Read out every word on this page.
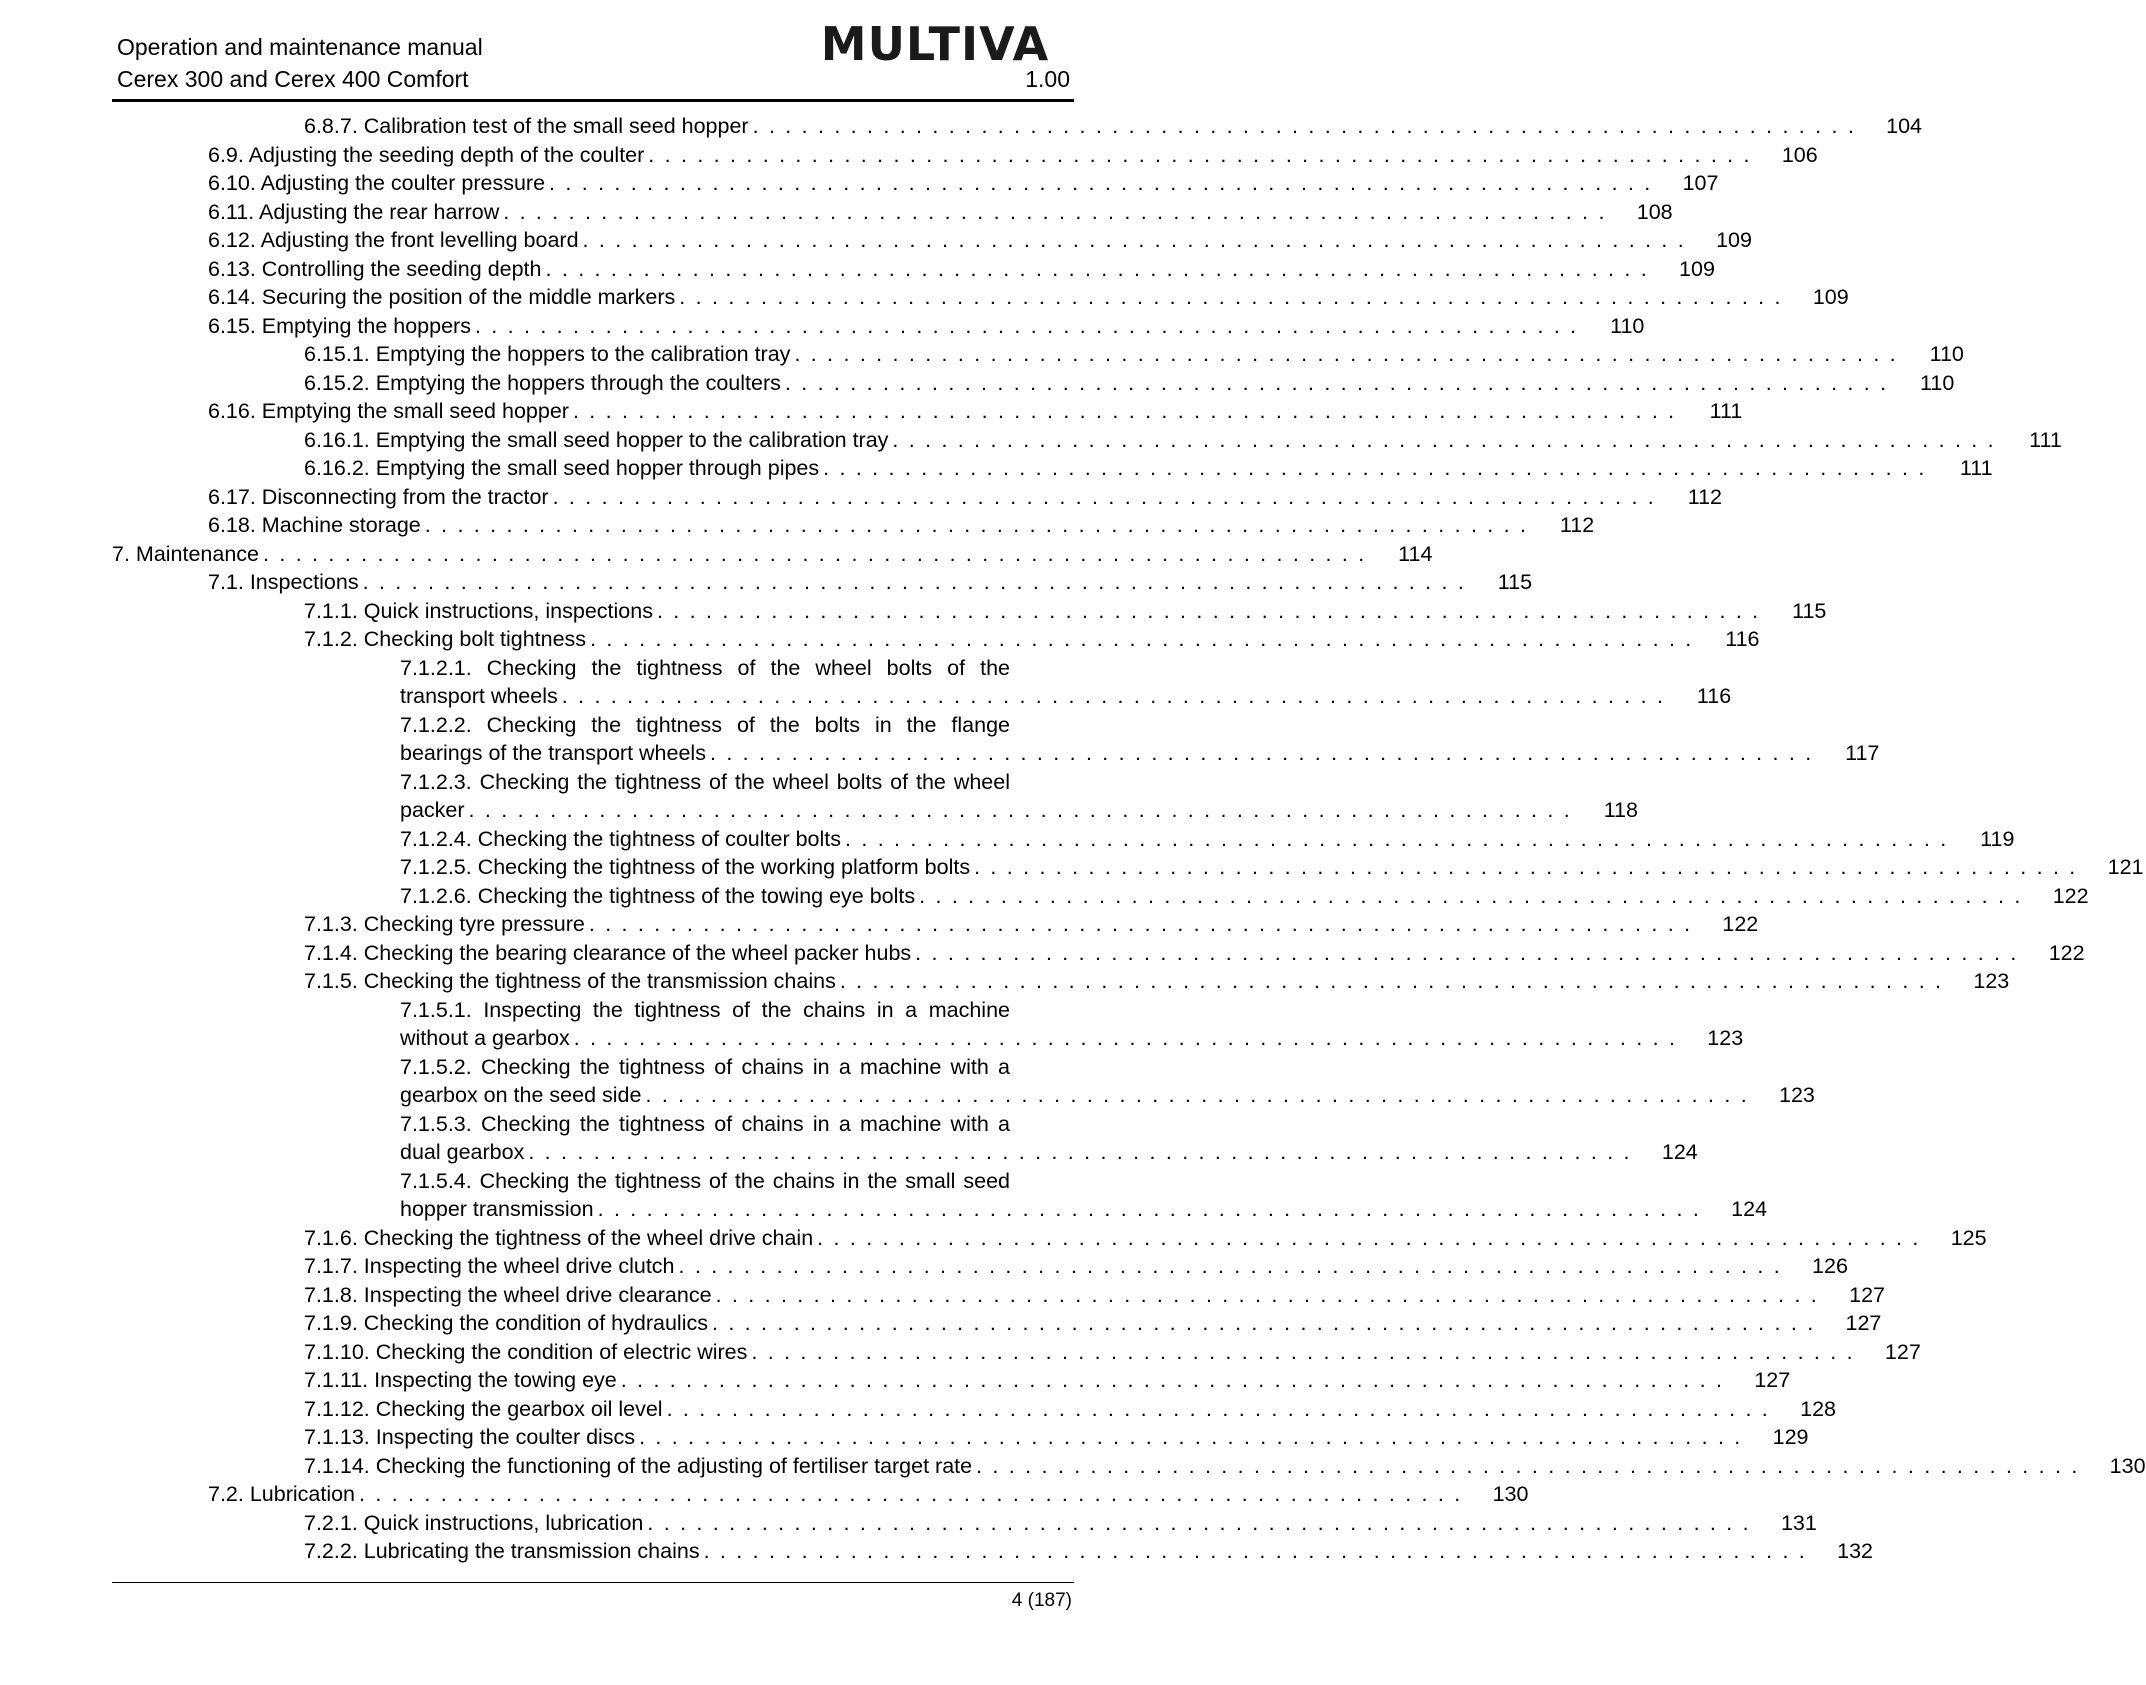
Operation and maintenance manual
Cerex 300 and Cerex 400 Comfort
MULTIVA
1.00
6.8.7. Calibration test of the small seed hopper . . . . . . . . . . . . . . . . . . . . . . . . . . . . . . . . . . . . . . . . . . . . . . . . . . . . . . . . . . . . . . . . . . . .	104
6.9. Adjusting the seeding depth of the coulter . . . . . . . . . . . . . . . . . . . . . . . . . . . . . . . . . . . . . . . . . . . . . . . . . . . . . . . . . . . . . . . . . . . .	106
6.10. Adjusting the coulter pressure . . . . . . . . . . . . . . . . . . . . . . . . . . . . . . . . . . . . . . . . . . . . . . . . . . . . . . . . . . . . . . . . . . . .	107
6.11. Adjusting the rear harrow . . . . . . . . . . . . . . . . . . . . . . . . . . . . . . . . . . . . . . . . . . . . . . . . . . . . . . . . . . . . . . . . . . . .	108
6.12. Adjusting the front levelling board . . . . . . . . . . . . . . . . . . . . . . . . . . . . . . . . . . . . . . . . . . . . . . . . . . . . . . . . . . . . . . . . . . . .	109
6.13. Controlling the seeding depth . . . . . . . . . . . . . . . . . . . . . . . . . . . . . . . . . . . . . . . . . . . . . . . . . . . . . . . . . . . . . . . . . . . .	109
6.14. Securing the position of the middle markers . . . . . . . . . . . . . . . . . . . . . . . . . . . . . . . . . . . . . . . . . . . . . . . . . . . . . . . . . . . . . . . . . . . .	109
6.15. Emptying the hoppers . . . . . . . . . . . . . . . . . . . . . . . . . . . . . . . . . . . . . . . . . . . . . . . . . . . . . . . . . . . . . . . . . . . .	110
6.15.1. Emptying the hoppers to the calibration tray . . . . . . . . . . . . . . . . . . . . . . . . . . . . . . . . . . . . . . . . . . . . . . . . . . . . . . . . . . . . . . . . . . . .	110
6.15.2. Emptying the hoppers through the coulters . . . . . . . . . . . . . . . . . . . . . . . . . . . . . . . . . . . . . . . . . . . . . . . . . . . . . . . . . . . . . . . . . . . .	110
6.16. Emptying the small seed hopper . . . . . . . . . . . . . . . . . . . . . . . . . . . . . . . . . . . . . . . . . . . . . . . . . . . . . . . . . . . . . . . . . . . .	111
6.16.1. Emptying the small seed hopper to the calibration tray . . . . . . . . . . . . . . . . . . . . . . . . . . . . . . . . . . . . . . . . . . . . . . . . . . . . . . . . . . . . . . . . . . . .	111
6.16.2. Emptying the small seed hopper through pipes . . . . . . . . . . . . . . . . . . . . . . . . . . . . . . . . . . . . . . . . . . . . . . . . . . . . . . . . . . . . . . . . . . . .	111
6.17. Disconnecting from the tractor . . . . . . . . . . . . . . . . . . . . . . . . . . . . . . . . . . . . . . . . . . . . . . . . . . . . . . . . . . . . . . . . . . . .	112
6.18. Machine storage . . . . . . . . . . . . . . . . . . . . . . . . . . . . . . . . . . . . . . . . . . . . . . . . . . . . . . . . . . . . . . . . . . . .	112
7. Maintenance . . . . . . . . . . . . . . . . . . . . . . . . . . . . . . . . . . . . . . . . . . . . . . . . . . . . . . . . . . . . . . . . . . . .	114
7.1. Inspections . . . . . . . . . . . . . . . . . . . . . . . . . . . . . . . . . . . . . . . . . . . . . . . . . . . . . . . . . . . . . . . . . . . .	115
7.1.1. Quick instructions, inspections . . . . . . . . . . . . . . . . . . . . . . . . . . . . . . . . . . . . . . . . . . . . . . . . . . . . . . . . . . . . . . . . . . . .	115
7.1.2. Checking bolt tightness . . . . . . . . . . . . . . . . . . . . . . . . . . . . . . . . . . . . . . . . . . . . . . . . . . . . . . . . . . . . . . . . . . . .	116
7.1.2.1. Checking the tightness of the wheel bolts of the
transport wheels . . . . . . . . . . . . . . . . . . . . . . . . . . . . . . . . . . . . . . . . . . . . . . . . . . . . . . . . . . . . . . . . . . . .	116
7.1.2.2. Checking the tightness of the bolts in the flange
bearings of the transport wheels . . . . . . . . . . . . . . . . . . . . . . . . . . . . . . . . . . . . . . . . . . . . . . . . . . . . . . . . . . . . . . . . . . . .	117
7.1.2.3. Checking the tightness of the wheel bolts of the wheel
packer . . . . . . . . . . . . . . . . . . . . . . . . . . . . . . . . . . . . . . . . . . . . . . . . . . . . . . . . . . . . . . . . . . . .	118
7.1.2.4. Checking the tightness of coulter bolts . . . . . . . . . . . . . . . . . . . . . . . . . . . . . . . . . . . . . . . . . . . . . . . . . . . . . . . . . . . . . . . . . . . .	119
7.1.2.5. Checking the tightness of the working platform bolts . . . . . . . . . . . . . . . . . . . . . . . . . . . . . . . . . . . . . . . . . . . . . . . . . . . . . . . . . . . . . . . . . . . .	121
7.1.2.6. Checking the tightness of the towing eye bolts . . . . . . . . . . . . . . . . . . . . . . . . . . . . . . . . . . . . . . . . . . . . . . . . . . . . . . . . . . . . . . . . . . . .	122
7.1.3. Checking tyre pressure . . . . . . . . . . . . . . . . . . . . . . . . . . . . . . . . . . . . . . . . . . . . . . . . . . . . . . . . . . . . . . . . . . . .	122
7.1.4. Checking the bearing clearance of the wheel packer hubs . . . . . . . . . . . . . . . . . . . . . . . . . . . . . . . . . . . . . . . . . . . . . . . . . . . . . . . . . . . . . . . . . . . .	122
7.1.5. Checking the tightness of the transmission chains . . . . . . . . . . . . . . . . . . . . . . . . . . . . . . . . . . . . . . . . . . . . . . . . . . . . . . . . . . . . . . . . . . . .	123
7.1.5.1. Inspecting the tightness of the chains in a machine
without a gearbox . . . . . . . . . . . . . . . . . . . . . . . . . . . . . . . . . . . . . . . . . . . . . . . . . . . . . . . . . . . . . . . . . . . .	123
7.1.5.2. Checking the tightness of chains in a machine with a
gearbox on the seed side . . . . . . . . . . . . . . . . . . . . . . . . . . . . . . . . . . . . . . . . . . . . . . . . . . . . . . . . . . . . . . . . . . . .	123
7.1.5.3. Checking the tightness of chains in a machine with a
dual gearbox . . . . . . . . . . . . . . . . . . . . . . . . . . . . . . . . . . . . . . . . . . . . . . . . . . . . . . . . . . . . . . . . . . . .	124
7.1.5.4. Checking the tightness of the chains in the small seed
hopper transmission . . . . . . . . . . . . . . . . . . . . . . . . . . . . . . . . . . . . . . . . . . . . . . . . . . . . . . . . . . . . . . . . . . . .	124
7.1.6. Checking the tightness of the wheel drive chain . . . . . . . . . . . . . . . . . . . . . . . . . . . . . . . . . . . . . . . . . . . . . . . . . . . . . . . . . . . . . . . . . . . .	125
7.1.7. Inspecting the wheel drive clutch . . . . . . . . . . . . . . . . . . . . . . . . . . . . . . . . . . . . . . . . . . . . . . . . . . . . . . . . . . . . . . . . . . . .	126
7.1.8. Inspecting the wheel drive clearance . . . . . . . . . . . . . . . . . . . . . . . . . . . . . . . . . . . . . . . . . . . . . . . . . . . . . . . . . . . . . . . . . . . .	127
7.1.9. Checking the condition of hydraulics . . . . . . . . . . . . . . . . . . . . . . . . . . . . . . . . . . . . . . . . . . . . . . . . . . . . . . . . . . . . . . . . . . . .	127
7.1.10. Checking the condition of electric wires . . . . . . . . . . . . . . . . . . . . . . . . . . . . . . . . . . . . . . . . . . . . . . . . . . . . . . . . . . . . . . . . . . . .	127
7.1.11. Inspecting the towing eye . . . . . . . . . . . . . . . . . . . . . . . . . . . . . . . . . . . . . . . . . . . . . . . . . . . . . . . . . . . . . . . . . . . .	127
7.1.12. Checking the gearbox oil level . . . . . . . . . . . . . . . . . . . . . . . . . . . . . . . . . . . . . . . . . . . . . . . . . . . . . . . . . . . . . . . . . . . .	128
7.1.13. Inspecting the coulter discs . . . . . . . . . . . . . . . . . . . . . . . . . . . . . . . . . . . . . . . . . . . . . . . . . . . . . . . . . . . . . . . . . . . .	129
7.1.14. Checking the functioning of the adjusting of fertiliser target rate . . . . . . . . . . . . . . . . . . . . . . . . . . . . . . . . . . . . . . . . . . . . . . . . . . . . . . . . . . . . . . . . . . . .	130
7.2. Lubrication . . . . . . . . . . . . . . . . . . . . . . . . . . . . . . . . . . . . . . . . . . . . . . . . . . . . . . . . . . . . . . . . . . . .	130
7.2.1. Quick instructions, lubrication . . . . . . . . . . . . . . . . . . . . . . . . . . . . . . . . . . . . . . . . . . . . . . . . . . . . . . . . . . . . . . . . . . . .	131
7.2.2. Lubricating the transmission chains . . . . . . . . . . . . . . . . . . . . . . . . . . . . . . . . . . . . . . . . . . . . . . . . . . . . . . . . . . . . . . . . . . . .	132
4 (187)
